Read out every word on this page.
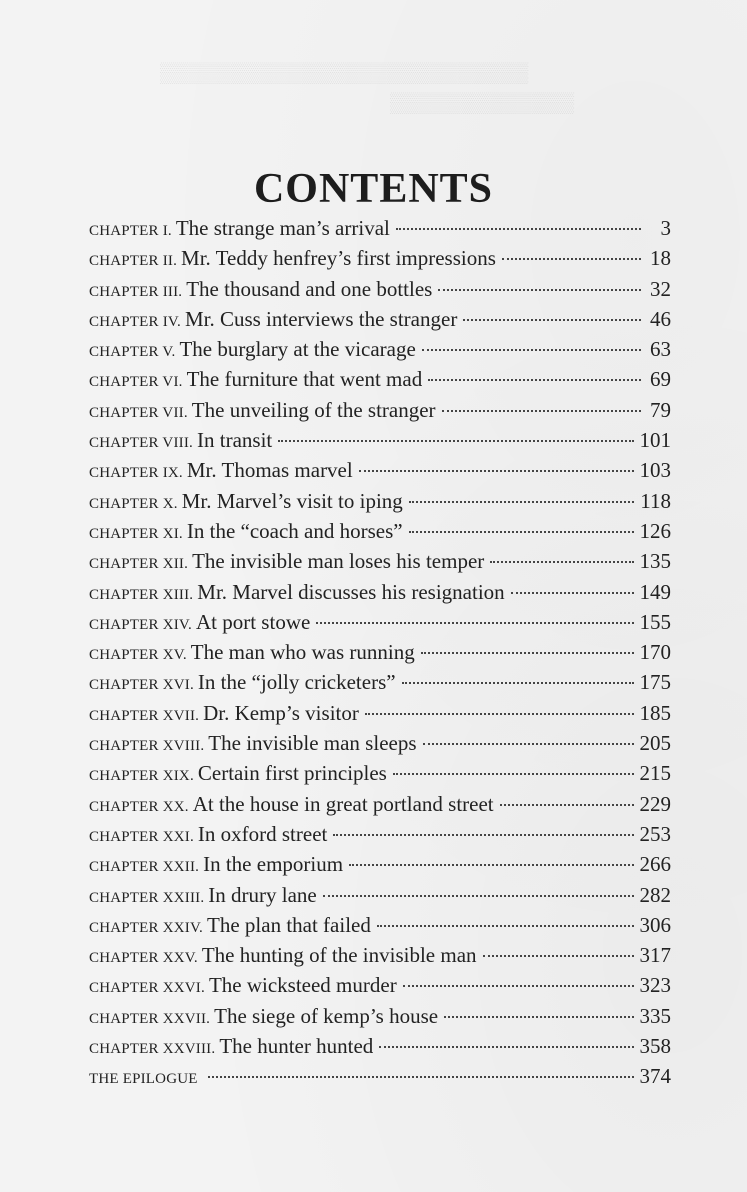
▒▒▒▒▒▒▒▒▒▒▒▒▒▒▒▒▒▒▒▒▒▒▒▒▒▒
▒▒▒▒▒▒▒▒▒▒▒▒▒
CONTENTS
CHAPTER I. The strange man’s arrival	3
CHAPTER II. Mr. Teddy henfrey’s first impressions	18
CHAPTER III. The thousand and one bottles	32
CHAPTER IV. Mr. Cuss interviews the stranger	46
CHAPTER V. The burglary at the vicarage	63
CHAPTER VI. The furniture that went mad	69
CHAPTER VII. The unveiling of the stranger	79
CHAPTER VIII. In transit	101
CHAPTER IX. Mr. Thomas marvel	103
CHAPTER X. Mr. Marvel’s visit to iping	118
CHAPTER XI. In the “coach and horses”	126
CHAPTER XII. The invisible man loses his temper	135
CHAPTER XIII. Mr. Marvel discusses his resignation	149
CHAPTER XIV. At port stowe	155
CHAPTER XV. The man who was running	170
CHAPTER XVI. In the “jolly cricketers”	175
CHAPTER XVII. Dr. Kemp’s visitor	185
CHAPTER XVIII. The invisible man sleeps	205
CHAPTER XIX. Certain first principles	215
CHAPTER XX. At the house in great portland street	229
CHAPTER XXI. In oxford street	253
CHAPTER XXII. In the emporium	266
CHAPTER XXIII. In drury lane	282
CHAPTER XXIV. The plan that failed	306
CHAPTER XXV. The hunting of the invisible man	317
CHAPTER XXVI. The wicksteed murder	323
CHAPTER XXVII. The siege of kemp’s house	335
CHAPTER XXVIII. The hunter hunted	358
THE EPILOGUE	374
